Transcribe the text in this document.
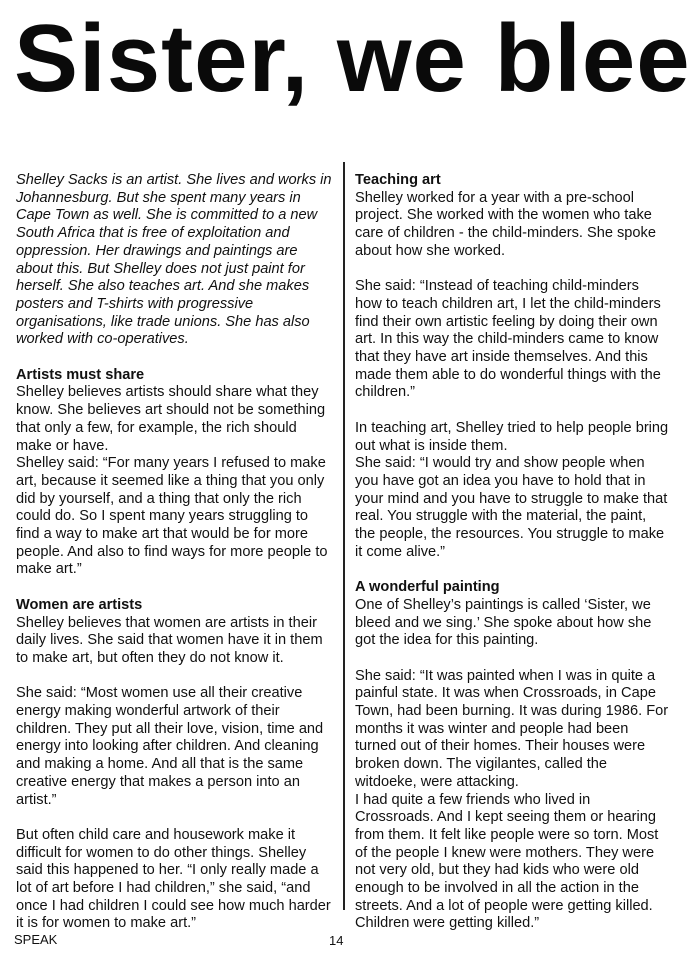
Sister, we blee

Shelley Sacks is an artist. She lives and works in Johannesburg. But she spent many years in Cape Town as well. She is committed to a new South Africa that is free of exploitation and oppression. Her drawings and paintings are about this. But Shelley does not just paint for herself. She also teaches art. And she makes posters and T-shirts with progressive organisations, like trade unions. She has also worked with co-operatives.

Artists must share

Shelley believes artists should share what they know. She believes art should not be something that only a few, for example, the rich should make or have.

Shelley said: “For many years I refused to make art, because it seemed like a thing that you only did by yourself, and a thing that only the rich could do. So I spent many years struggling to find a way to make art that would be for more people. And also to find ways for more people to make art.”

Women are artists

Shelley believes that women are artists in their daily lives. She said that women have it in them to make art, but often they do not know it.

She said: “Most women use all their creative energy making wonderful artwork of their children. They put all their love, vision, time and energy into looking after children. And cleaning and making a home. And all that is the same creative energy that makes a person into an artist.”

But often child care and housework make it difficult for women to do other things. Shelley said this happened to her. “I only really made a lot of art before I had children,” she said, “and once I had children I could see how much harder it is for women to make art.”

Teaching art

Shelley worked for a year with a pre-school project. She worked with the women who take care of children - the child-minders. She spoke about how she worked.

She said: “Instead of teaching child-minders how to teach children art, I let the child-minders find their own artistic feeling by doing their own art. In this way the child-minders came to know that they have art inside themselves. And this made them able to do wonderful things with the children.”

In teaching art, Shelley tried to help people bring out what is inside them.

She said: “I would try and show people when you have got an idea you have to hold that in your mind and you have to struggle to make that real. You struggle with the material, the paint, the people, the resources. You struggle to make it come alive.”

A wonderful painting

One of Shelley’s paintings is called ‘Sister, we bleed and we sing.’ She spoke about how she got the idea for this painting.

She said: “It was painted when I was in quite a painful state. It was when Crossroads, in Cape Town, had been burning. It was during 1986. For months it was winter and people had been turned out of their homes. Their houses were broken down. The vigilantes, called the witdoeke, were attacking.

I had quite a few friends who lived in Crossroads. And I kept seeing them or hearing from them. It felt like people were so torn. Most of the people I knew were mothers. They were not very old, but they had kids who were old enough to be involved in all the action in the streets. And a lot of people were getting killed. Children were getting killed.”

SPEAK	14
